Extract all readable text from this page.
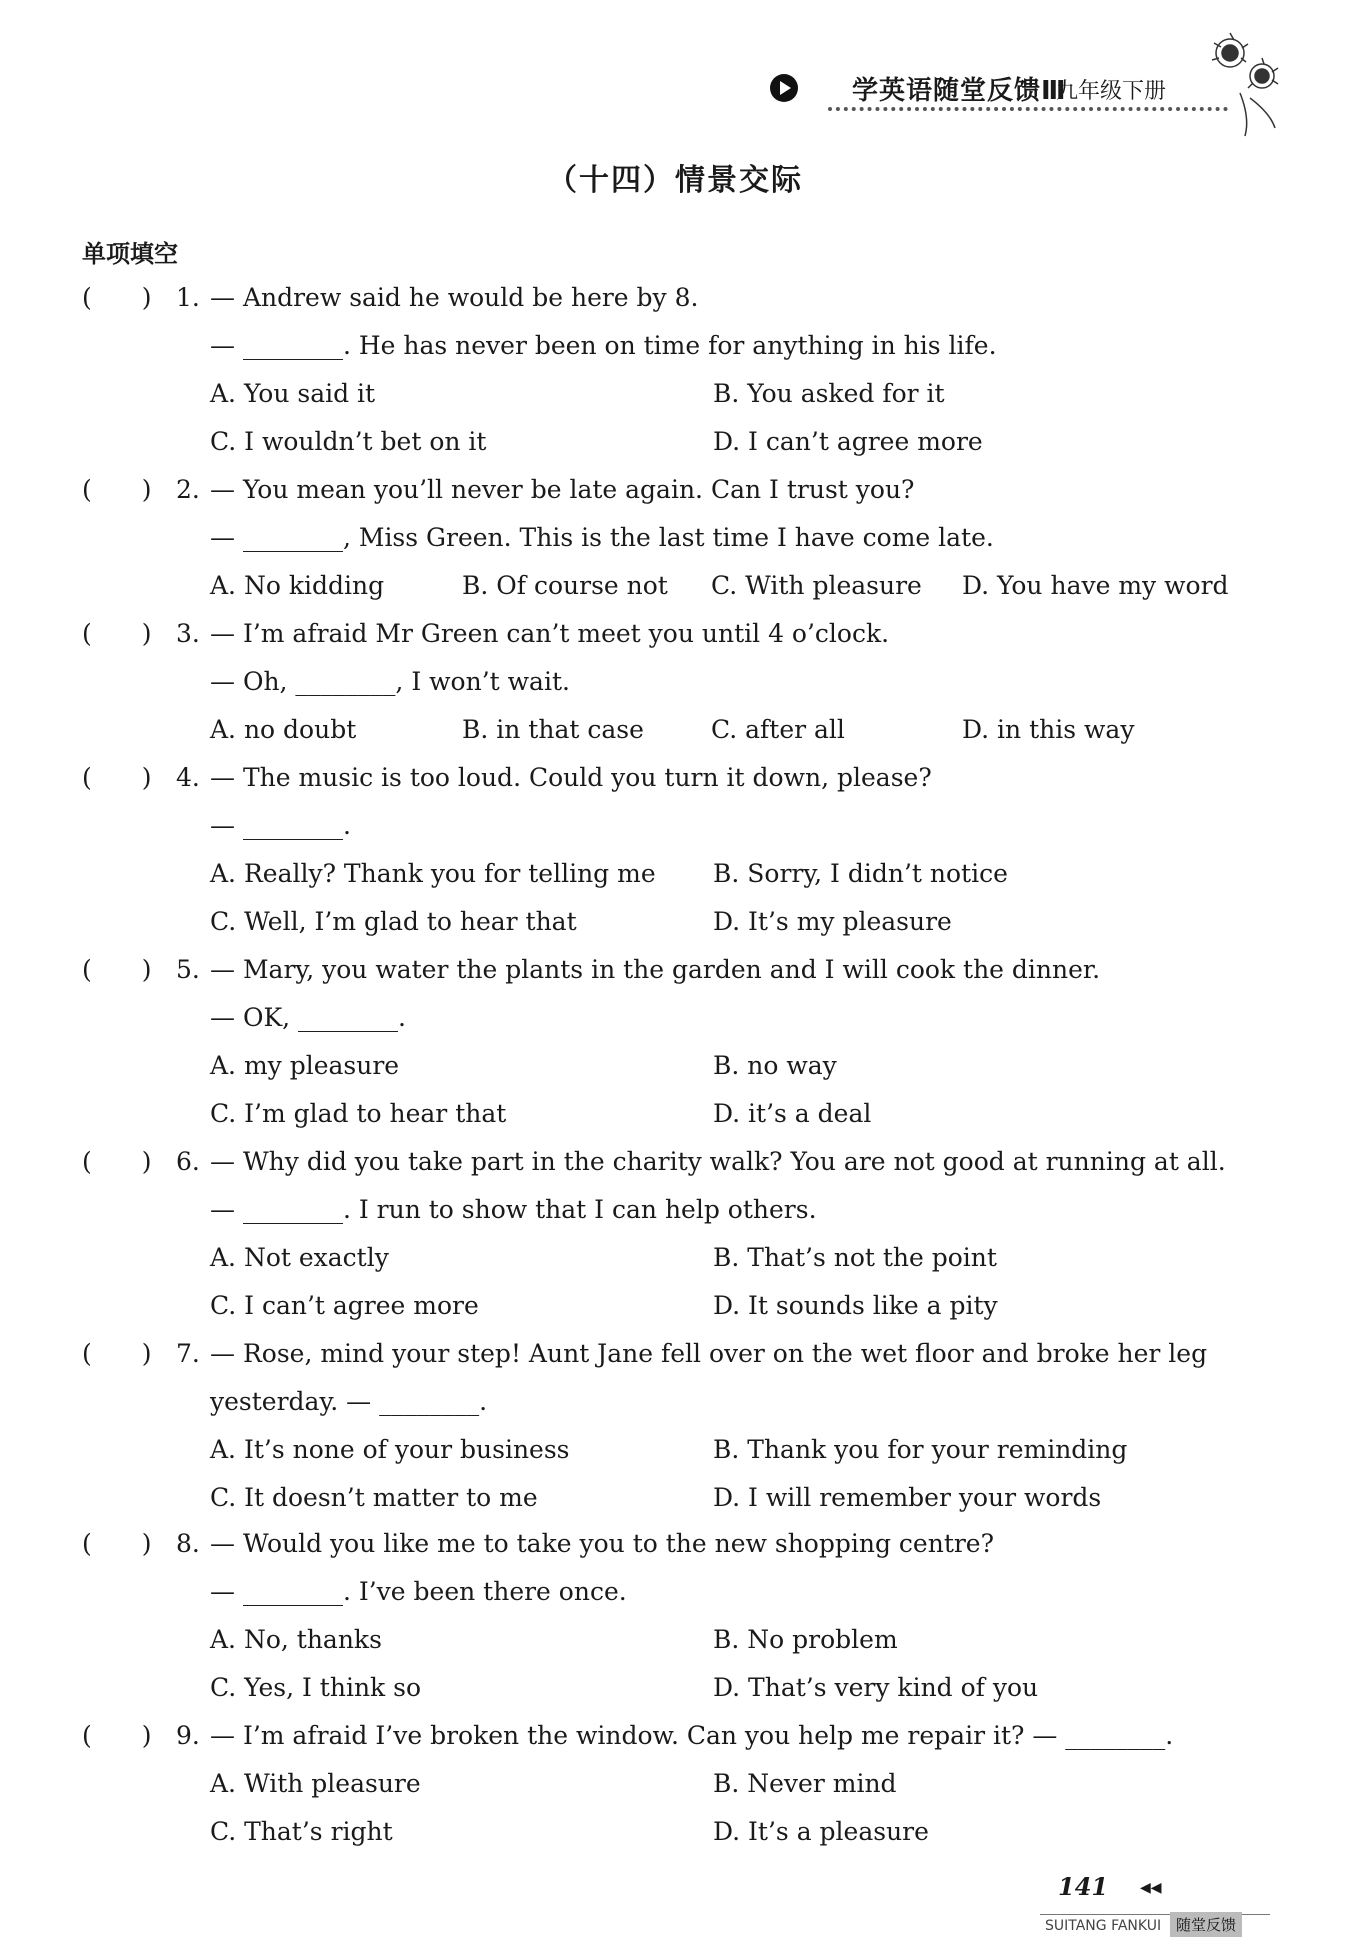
学英语随堂反馈Ⅲ
九年级下册
（十四）情景交际
单项填空
(　　) 1. — Andrew said he would be here by 8.
— ________. He has never been on time for anything in his life.
A. You said it	B. You asked for it
C. I wouldn’t bet on it	D. I can’t agree more
(　　) 2. — You mean you’ll never be late again. Can I trust you?
— ________, Miss Green. This is the last time I have come late.
A. No kidding	B. Of course not C. With pleasure D. You have my word
(　　) 3. — I’m afraid Mr Green can’t meet you until 4 o’clock.
— Oh, ________, I won’t wait.
A. no doubt	B. in that case	C. after all	D. in this way
(　　) 4. — The music is too loud. Could you turn it down, please?
— ________.
A. Really? Thank you for telling me B. Sorry, I didn’t notice
C. Well, I’m glad to hear that	D. It’s my pleasure
(　　) 5. — Mary, you water the plants in the garden and I will cook the dinner.
— OK, ________.
A. my pleasure	B. no way
C. I’m glad to hear that	D. it’s a deal
(　　) 6. — Why did you take part in the charity walk? You are not good at running at all.
— ________. I run to show that I can help others.
A. Not exactly	B. That’s not the point
C. I can’t agree more	D. It sounds like a pity
(　　) 7. — Rose, mind your step! Aunt Jane fell over on the wet floor and broke her leg
yesterday. — ________.
A. It’s none of your business	B. Thank you for your reminding
C. It doesn’t matter to me	D. I will remember your words
(　　) 8. — Would you like me to take you to the new shopping centre?
— ________. I’ve been there once.
A. No, thanks	B. No problem
C. Yes, I think so	D. That’s very kind of you
(　　) 9. — I’m afraid I’ve broken the window. Can you help me repair it? — ________.
A. With pleasure	B. Never mind
C. That’s right	D. It’s a pleasure
141 ◀◀
SUITANG FANKUI 随堂反馈
